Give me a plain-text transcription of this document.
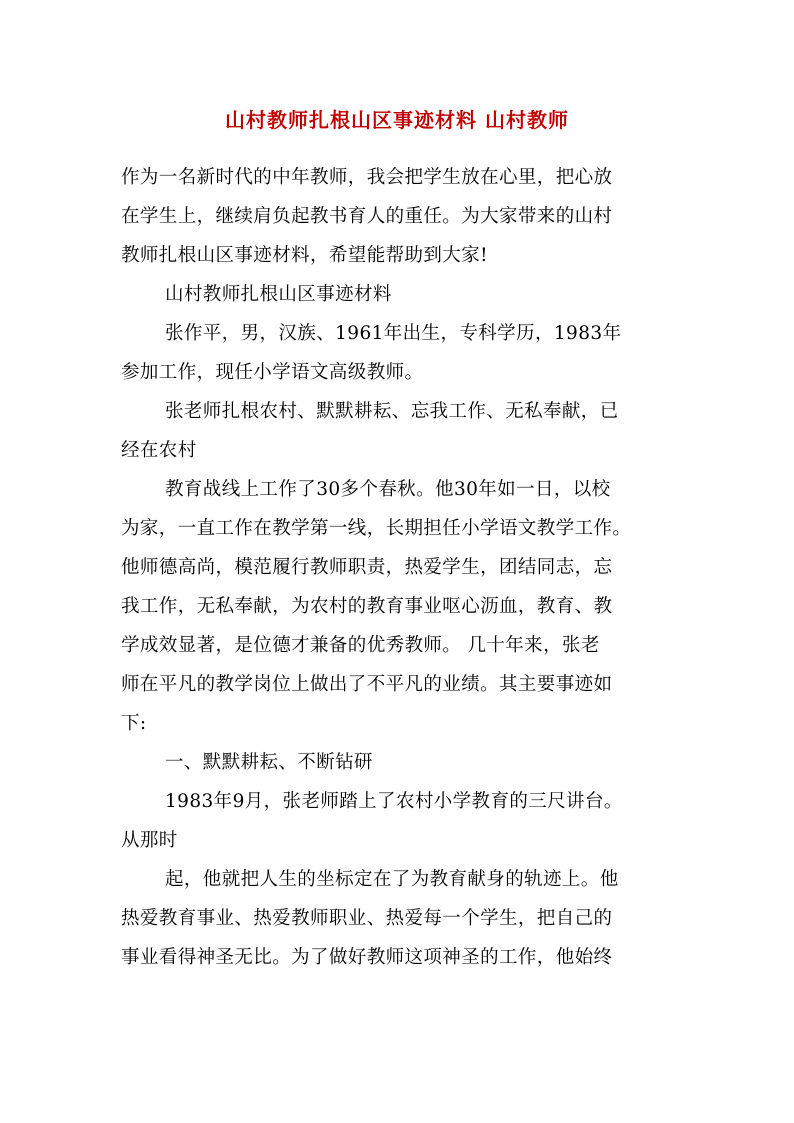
山村教师扎根山区事迹材料 山村教师
作为一名新时代的中年教师，我会把学生放在心里，把心放
在学生上，继续肩负起教书育人的重任。为大家带来的山村
教师扎根山区事迹材料，希望能帮助到大家!
山村教师扎根山区事迹材料
张作平，男，汉族、1961年出生，专科学历，1983年
参加工作，现任小学语文高级教师。
张老师扎根农村、默默耕耘、忘我工作、无私奉献，已
经在农村
教育战线上工作了30多个春秋。他30年如一日，以校
为家，一直工作在教学第一线，长期担任小学语文教学工作。
他师德高尚，模范履行教师职责，热爱学生，团结同志，忘
我工作，无私奉献，为农村的教育事业呕心沥血，教育、教
学成效显著，是位德才兼备的优秀教师。 几十年来，张老
师在平凡的教学岗位上做出了不平凡的业绩。其主要事迹如
下:
一、默默耕耘、不断钻研
1983年9月，张老师踏上了农村小学教育的三尺讲台。
从那时
起，他就把人生的坐标定在了为教育献身的轨迹上。他
热爱教育事业、热爱教师职业、热爱每一个学生，把自己的
事业看得神圣无比。为了做好教师这项神圣的工作，他始终
